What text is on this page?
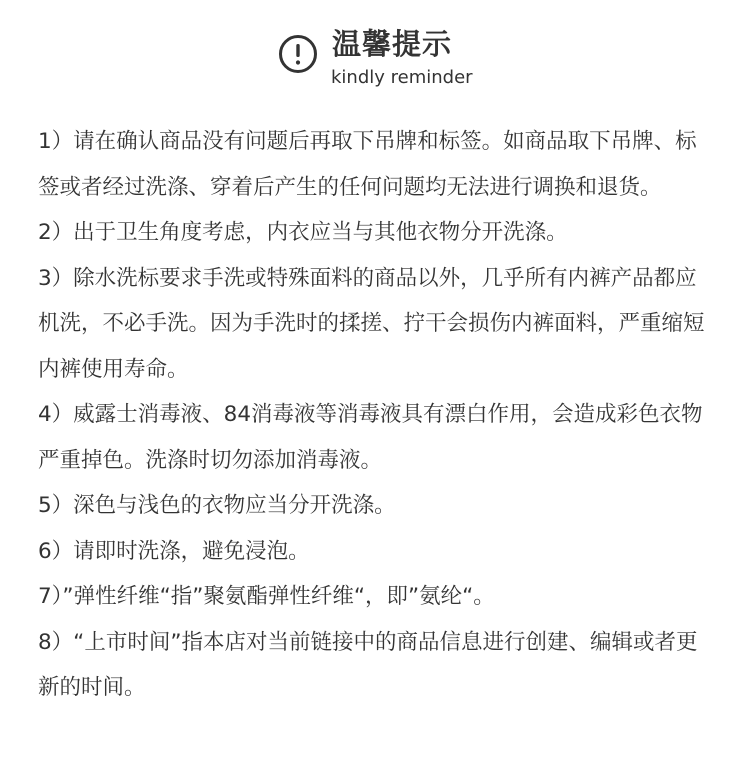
温馨提示
kindly reminder
1）请在确认商品没有问题后再取下吊牌和标签。如商品取下吊牌、标签或者经过洗涤、穿着后产生的任何问题均无法进行调换和退货。
2）出于卫生角度考虑，内衣应当与其他衣物分开洗涤。
3）除水洗标要求手洗或特殊面料的商品以外，几乎所有内裤产品都应机洗，不必手洗。因为手洗时的揉搓、拧干会损伤内裤面料，严重缩短内裤使用寿命。
4）威露士消毒液、84消毒液等消毒液具有漂白作用，会造成彩色衣物严重掉色。洗涤时切勿添加消毒液。
5）深色与浅色的衣物应当分开洗涤。
6）请即时洗涤，避免浸泡。
7）”弹性纤维“指”聚氨酯弹性纤维“，即”氨纶“。
8）“上市时间”指本店对当前链接中的商品信息进行创建、编辑或者更新的时间。
